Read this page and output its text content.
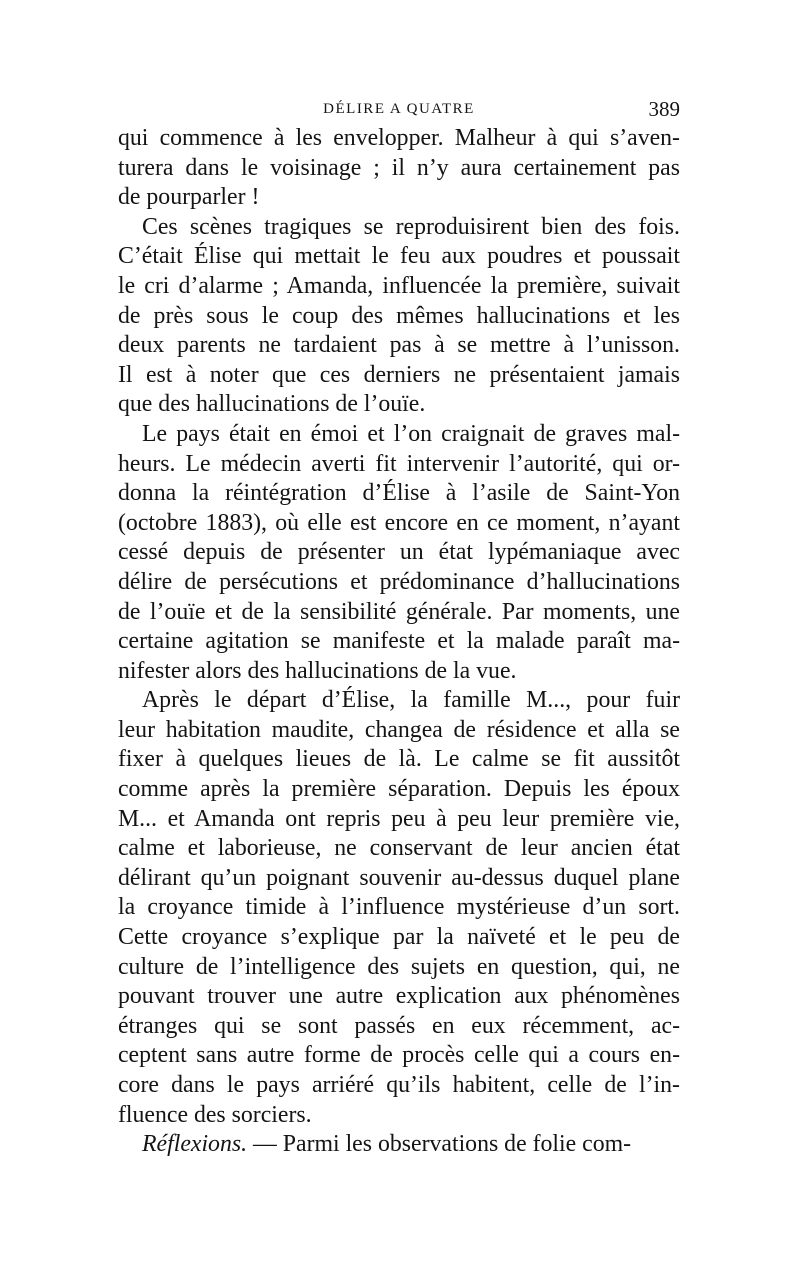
DÉLIRE A QUATRE	389
qui commence à les envelopper. Malheur à qui s’aven-
turera dans le voisinage ; il n’y aura certainement pas
de pourparler !
Ces scènes tragiques se reproduisirent bien des fois.
C’était Élise qui mettait le feu aux poudres et poussait
le cri d’alarme ; Amanda, influencée la première, suivait
de près sous le coup des mêmes hallucinations et les
deux parents ne tardaient pas à se mettre à l’unisson.
Il est à noter que ces derniers ne présentaient jamais
que des hallucinations de l’ouïe.
Le pays était en émoi et l’on craignait de graves mal-
heurs. Le médecin averti fit intervenir l’autorité, qui or-
donna la réintégration d’Élise à l’asile de Saint-Yon
(octobre 1883), où elle est encore en ce moment, n’ayant
cessé depuis de présenter un état lypémaniaque avec
délire de persécutions et prédominance d’hallucinations
de l’ouïe et de la sensibilité générale. Par moments, une
certaine agitation se manifeste et la malade paraît ma-
nifester alors des hallucinations de la vue.
Après le départ d’Élise, la famille M..., pour fuir
leur habitation maudite, changea de résidence et alla se
fixer à quelques lieues de là. Le calme se fit aussitôt
comme après la première séparation. Depuis les époux
M... et Amanda ont repris peu à peu leur première vie,
calme et laborieuse, ne conservant de leur ancien état
délirant qu’un poignant souvenir au-dessus duquel plane
la croyance timide à l’influence mystérieuse d’un sort.
Cette croyance s’explique par la naïveté et le peu de
culture de l’intelligence des sujets en question, qui, ne
pouvant trouver une autre explication aux phénomènes
étranges qui se sont passés en eux récemment, ac-
ceptent sans autre forme de procès celle qui a cours en-
core dans le pays arriéré qu’ils habitent, celle de l’in-
fluence des sorciers.
Réflexions. — Parmi les observations de folie com-
